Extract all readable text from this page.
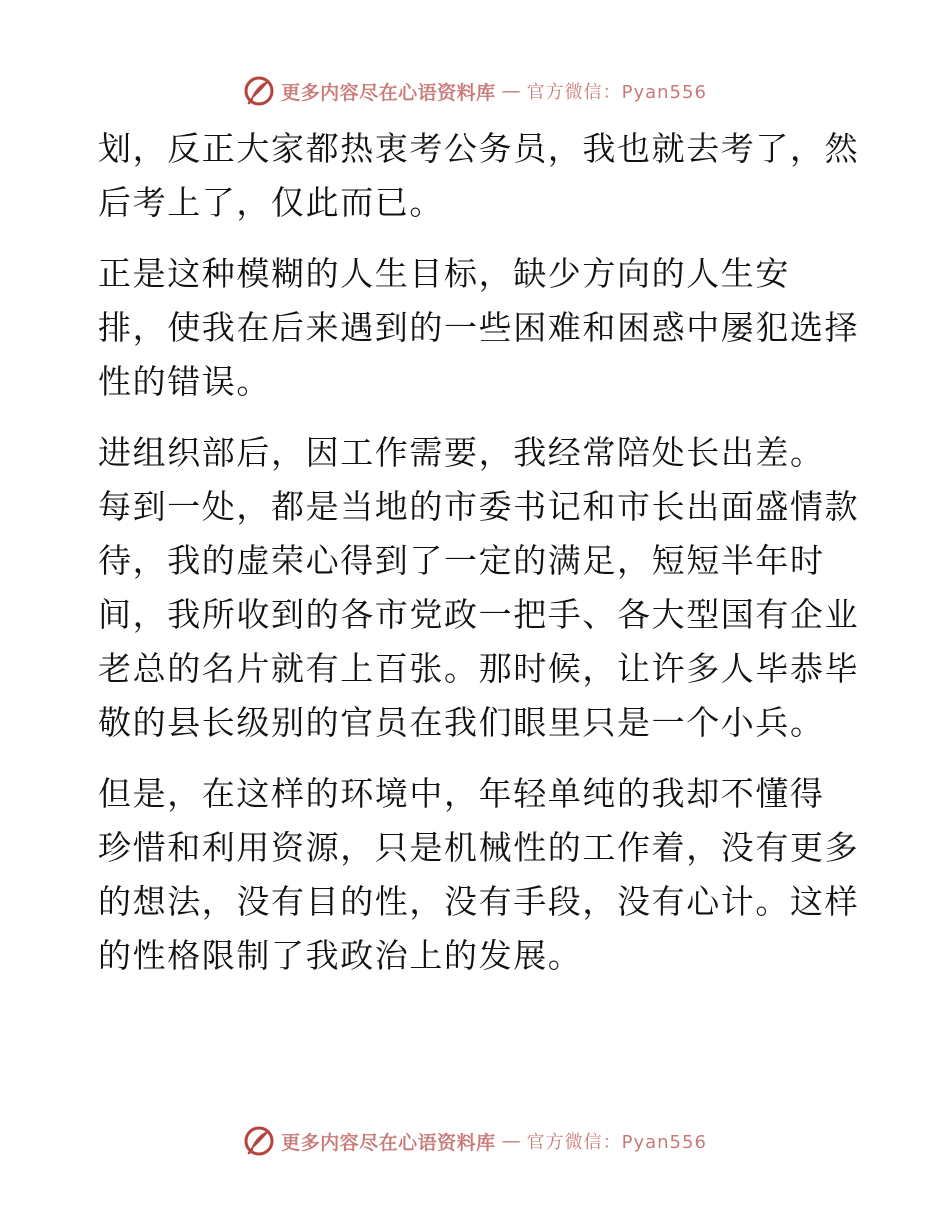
更多内容尽在心语资料库 — 官方微信：Pyan556
划，反正大家都热衷考公务员，我也就去考了，然
后考上了，仅此而已。
正是这种模糊的人生目标，缺少方向的人生安
排，使我在后来遇到的一些困难和困惑中屡犯选择
性的错误。
进组织部后，因工作需要，我经常陪处长出差。
每到一处，都是当地的市委书记和市长出面盛情款
待，我的虚荣心得到了一定的满足，短短半年时
间，我所收到的各市党政一把手、各大型国有企业
老总的名片就有上百张。那时候，让许多人毕恭毕
敬的县长级别的官员在我们眼里只是一个小兵。
但是，在这样的环境中，年轻单纯的我却不懂得
珍惜和利用资源，只是机械性的工作着，没有更多
的想法，没有目的性，没有手段，没有心计。这样
的性格限制了我政治上的发展。
更多内容尽在心语资料库 — 官方微信：Pyan556
